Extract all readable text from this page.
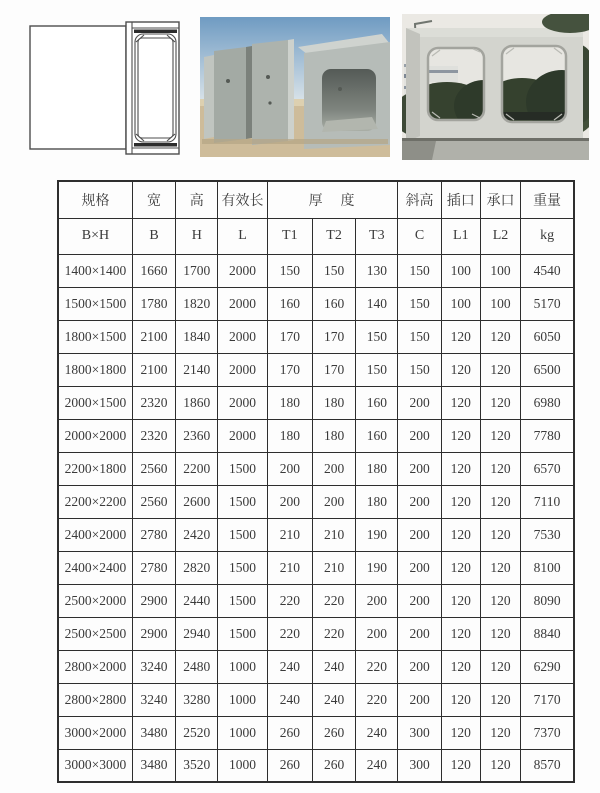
规格	宽	高	有效长	厚　度			斜高	插口	承口	重量
B×H	B	H	L	T1	T2	T3	C	L1	L2	kg
1400×1400	1660	1700	2000	150	150	130	150	100	100	4540
1500×1500	1780	1820	2000	160	160	140	150	100	100	5170
1800×1500	2100	1840	2000	170	170	150	150	120	120	6050
1800×1800	2100	2140	2000	170	170	150	150	120	120	6500
2000×1500	2320	1860	2000	180	180	160	200	120	120	6980
2000×2000	2320	2360	2000	180	180	160	200	120	120	7780
2200×1800	2560	2200	1500	200	200	180	200	120	120	6570
2200×2200	2560	2600	1500	200	200	180	200	120	120	7110
2400×2000	2780	2420	1500	210	210	190	200	120	120	7530
2400×2400	2780	2820	1500	210	210	190	200	120	120	8100
2500×2000	2900	2440	1500	220	220	200	200	120	120	8090
2500×2500	2900	2940	1500	220	220	200	200	120	120	8840
2800×2000	3240	2480	1000	240	240	220	200	120	120	6290
2800×2800	3240	3280	1000	240	240	220	200	120	120	7170
3000×2000	3480	2520	1000	260	260	240	300	120	120	7370
3000×3000	3480	3520	1000	260	260	240	300	120	120	8570
